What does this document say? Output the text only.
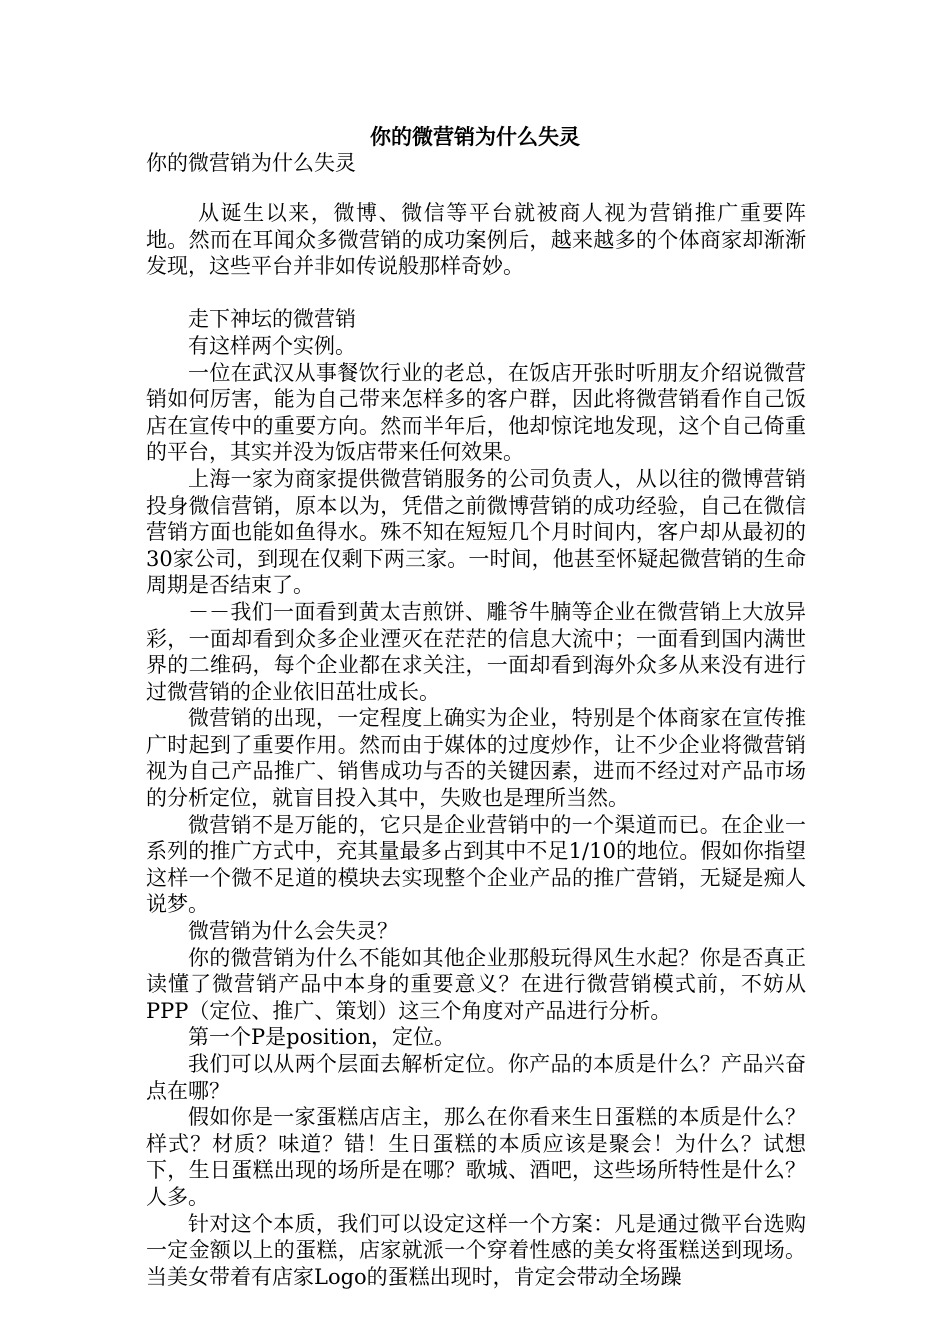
你的微营销为什么失灵
你的微营销为什么失灵

从诞生以来，微博、微信等平台就被商人视为营销推广重要阵地。然而在耳闻众多微营销的成功案例后，越来越多的个体商家却渐渐发现，这些平台并非如传说般那样奇妙。

走下神坛的微营销

有这样两个实例。

一位在武汉从事餐饮行业的老总，在饭店开张时听朋友介绍说微营销如何厉害，能为自己带来怎样多的客户群，因此将微营销看作自己饭店在宣传中的重要方向。然而半年后，他却惊诧地发现，这个自己倚重的平台，其实并没为饭店带来任何效果。

上海一家为商家提供微营销服务的公司负责人，从以往的微博营销投身微信营销，原本以为，凭借之前微博营销的成功经验，自己在微信营销方面也能如鱼得水。殊不知在短短几个月时间内，客户却从最初的30家公司，到现在仅剩下两三家。一时间，他甚至怀疑起微营销的生命周期是否结束了。

－－我们一面看到黄太吉煎饼、雕爷牛腩等企业在微营销上大放异彩，一面却看到众多企业湮灭在茫茫的信息大流中；一面看到国内满世界的二维码，每个企业都在求关注，一面却看到海外众多从来没有进行过微营销的企业依旧茁壮成长。

微营销的出现，一定程度上确实为企业，特别是个体商家在宣传推广时起到了重要作用。然而由于媒体的过度炒作，让不少企业将微营销视为自己产品推广、销售成功与否的关键因素，进而不经过对产品市场的分析定位，就盲目投入其中，失败也是理所当然。

微营销不是万能的，它只是企业营销中的一个渠道而已。在企业一系列的推广方式中，充其量最多占到其中不足1/10的地位。假如你指望这样一个微不足道的模块去实现整个企业产品的推广营销，无疑是痴人说梦。

微营销为什么会失灵？

你的微营销为什么不能如其他企业那般玩得风生水起？你是否真正读懂了微营销产品中本身的重要意义？在进行微营销模式前，不妨从PPP（定位、推广、策划）这三个角度对产品进行分析。

第一个P是position，定位。

我们可以从两个层面去解析定位。你产品的本质是什么？产品兴奋点在哪？

假如你是一家蛋糕店店主，那么在你看来生日蛋糕的本质是什么？样式？材质？味道？错！生日蛋糕的本质应该是聚会！为什么？试想下，生日蛋糕出现的场所是在哪？歌城、酒吧，这些场所特性是什么？人多。

针对这个本质，我们可以设定这样一个方案：凡是通过微平台选购一定金额以上的蛋糕，店家就派一个穿着性感的美女将蛋糕送到现场。当美女带着有店家Logo的蛋糕出现时，肯定会带动全场躁
